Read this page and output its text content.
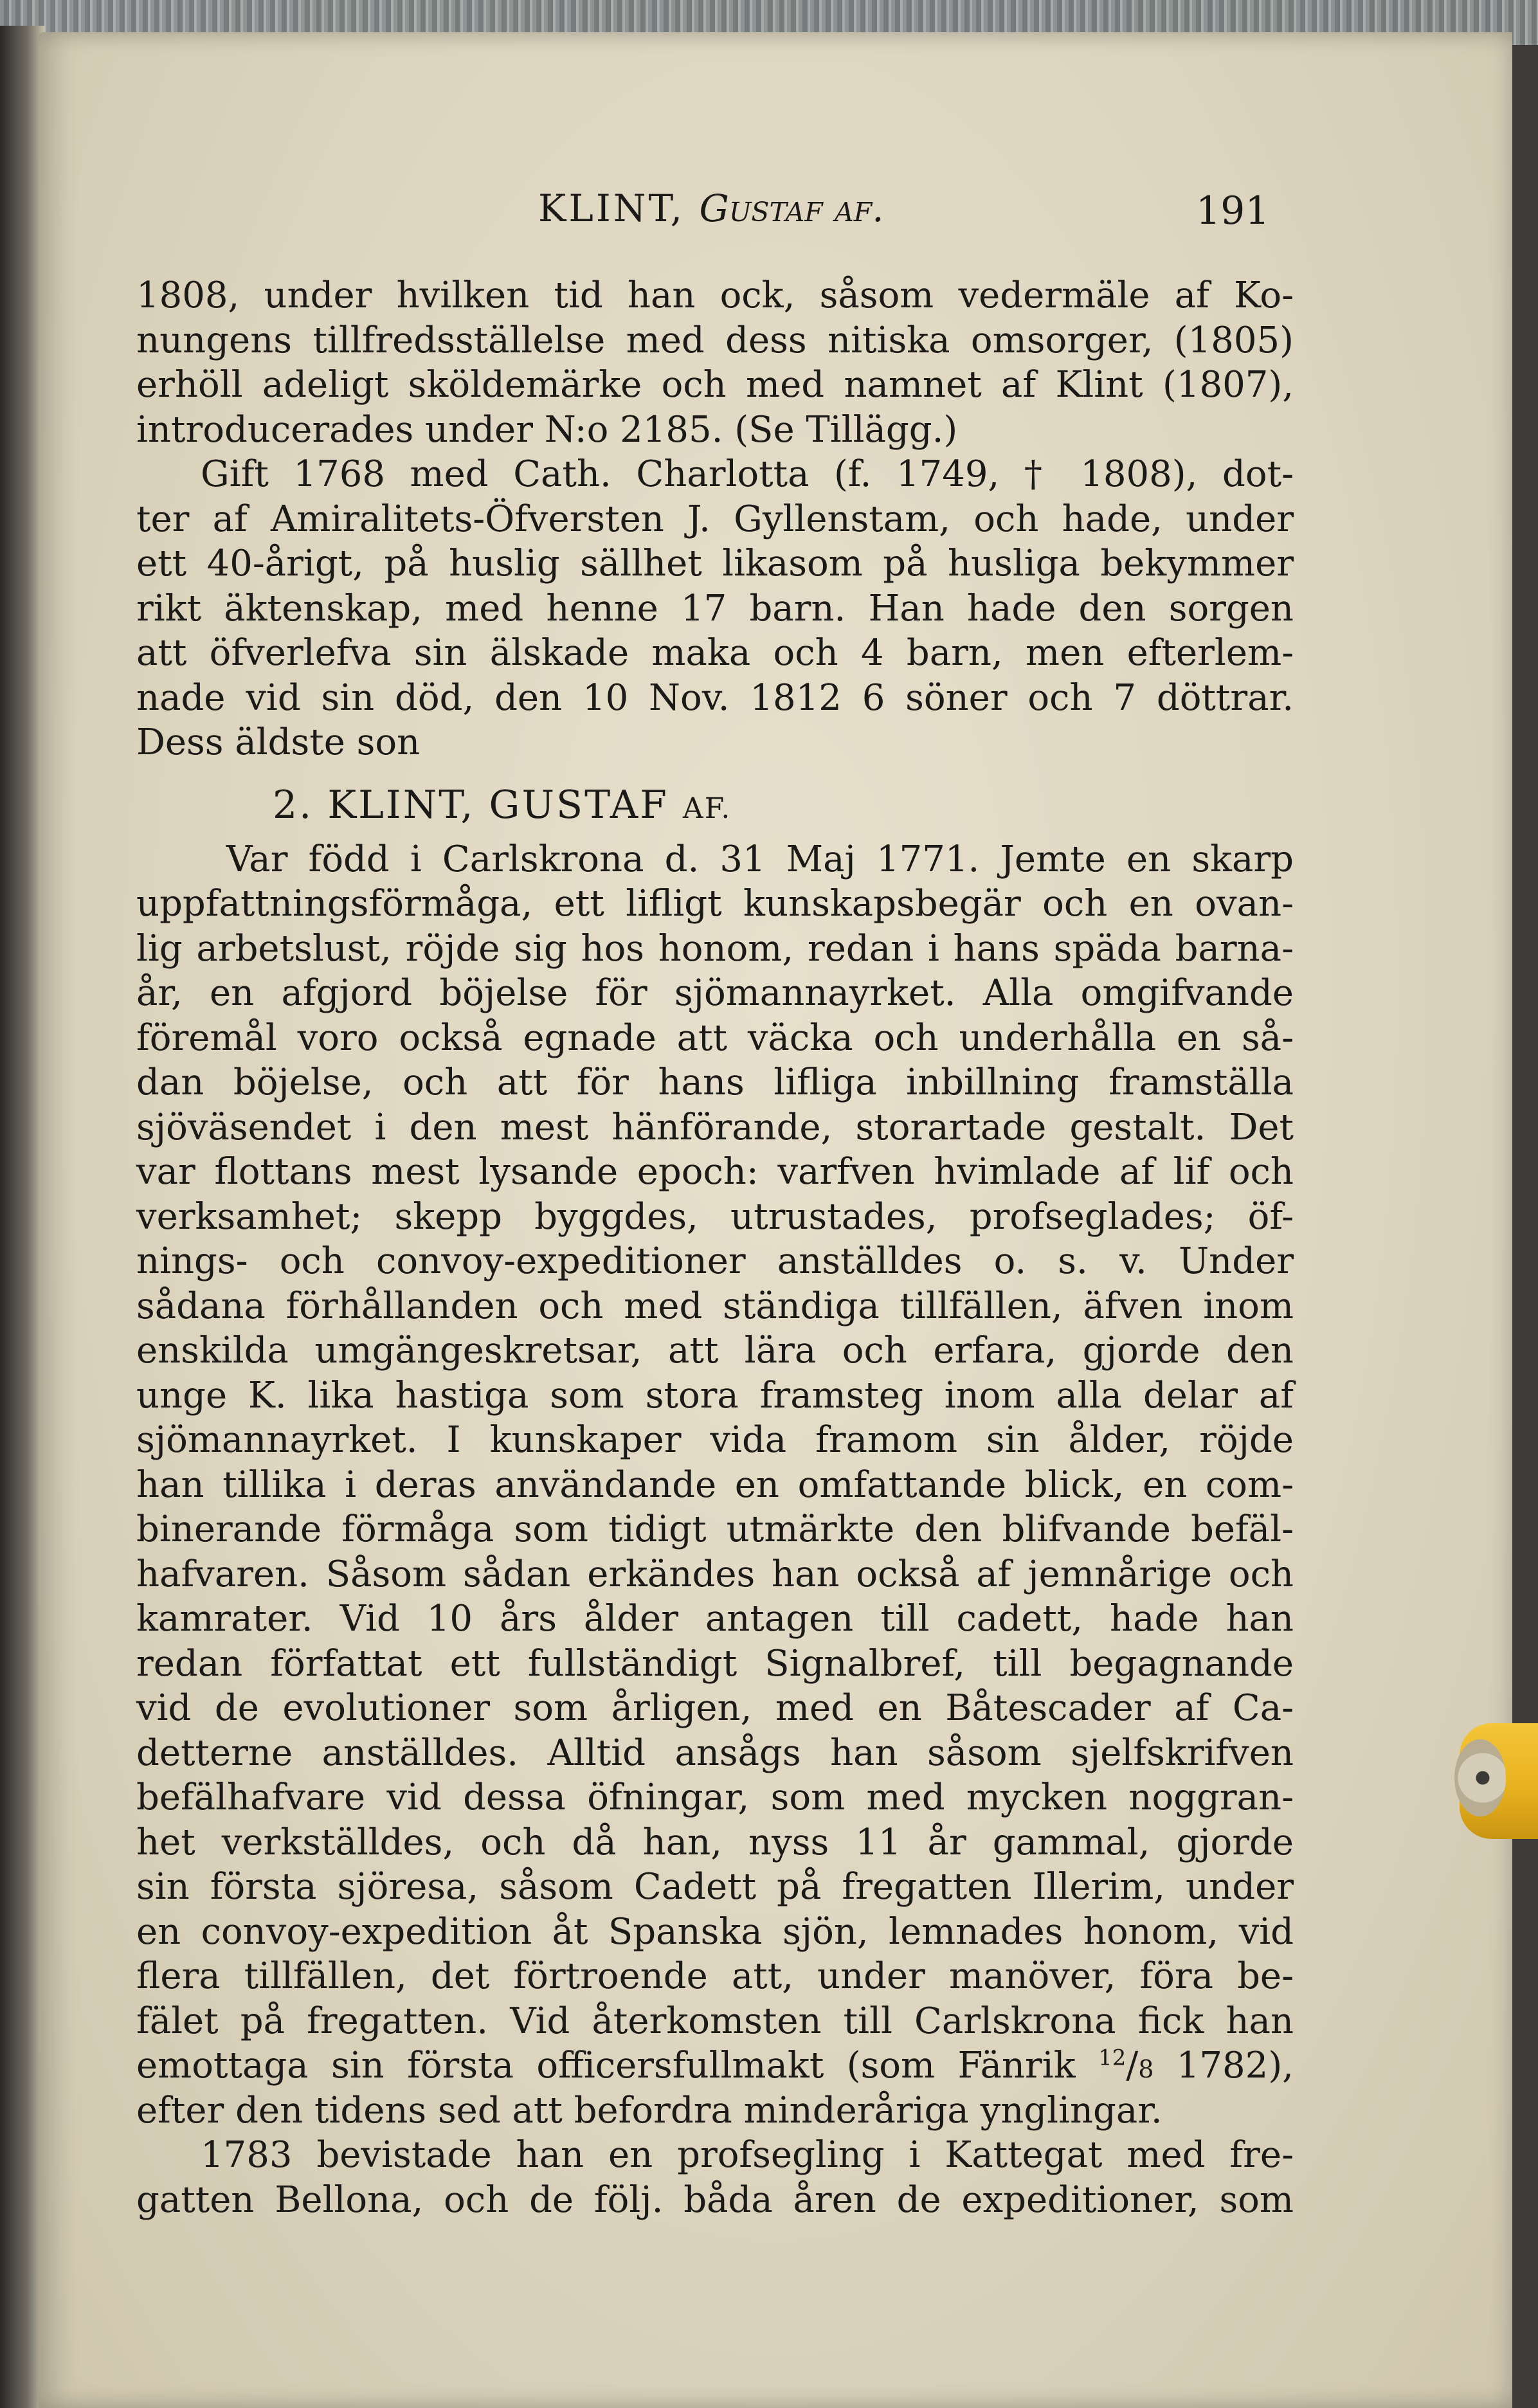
KLINT, Gustaf af.	191
1808, under hvilken tid han ock, såsom vedermäle af Ko-
nungens tillfredsställelse med dess nitiska omsorger, (1805)
erhöll adeligt sköldemärke och med namnet af Klint (1807),
introducerades under N:o 2185. (Se Tillägg.)
Gift 1768 med Cath. Charlotta (f. 1749, † 1808), dot-
ter af Amiralitets-Öfversten J. Gyllenstam, och hade, under
ett 40-årigt, på huslig sällhet likasom på husliga bekymmer
rikt äktenskap, med henne 17 barn. Han hade den sorgen
att öfverlefva sin älskade maka och 4 barn, men efterlem-
nade vid sin död, den 10 Nov. 1812 6 söner och 7 döttrar.
Dess äldste son
2. KLINT, GUSTAF AF.
Var född i Carlskrona d. 31 Maj 1771. Jemte en skarp
uppfattningsförmåga, ett lifligt kunskapsbegär och en ovan-
lig arbetslust, röjde sig hos honom, redan i hans späda barna-
år, en afgjord böjelse för sjömannayrket. Alla omgifvande
föremål voro också egnade att väcka och underhålla en så-
dan böjelse, och att för hans lifliga inbillning framställa
sjöväsendet i den mest hänförande, storartade gestalt. Det
var flottans mest lysande epoch: varfven hvimlade af lif och
verksamhet; skepp byggdes, utrustades, profseglades; öf-
nings- och convoy-expeditioner anställdes o. s. v. Under
sådana förhållanden och med ständiga tillfällen, äfven inom
enskilda umgängeskretsar, att lära och erfara, gjorde den
unge K. lika hastiga som stora framsteg inom alla delar af
sjömannayrket. I kunskaper vida framom sin ålder, röjde
han tillika i deras användande en omfattande blick, en com-
binerande förmåga som tidigt utmärkte den blifvande befäl-
hafvaren. Såsom sådan erkändes han också af jemnårige och
kamrater. Vid 10 års ålder antagen till cadett, hade han
redan författat ett fullständigt Signalbref, till begagnande
vid de evolutioner som årligen, med en Båtescader af Ca-
detterne anställdes. Alltid ansågs han såsom sjelfskrifven
befälhafvare vid dessa öfningar, som med mycken noggran-
het verkställdes, och då han, nyss 11 år gammal, gjorde
sin första sjöresa, såsom Cadett på fregatten Illerim, under
en convoy-expedition åt Spanska sjön, lemnades honom, vid
flera tillfällen, det förtroende att, under manöver, föra be-
fälet på fregatten. Vid återkomsten till Carlskrona fick han
emottaga sin första officersfullmakt (som Fänrik $^{12}$/8 1782),
efter den tidens sed att befordra minderåriga ynglingar.
1783 bevistade han en profsegling i Kattegat med fre-
gatten Bellona, och de följ. båda åren de expeditioner, som
